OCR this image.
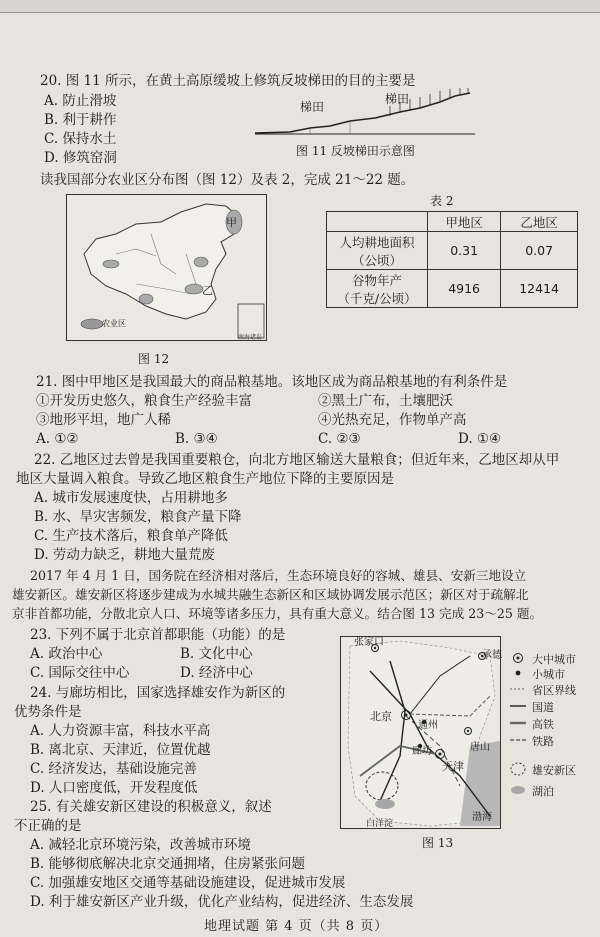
20. 图 11 所示，在黄土高原缓坡上修筑反坡梯田的目的主要是
A. 防止滑坡
B. 利于耕作
C. 保持水土
D. 修筑窑洞
梯田
梯田
图 11 反坡梯田示意图
读我国部分农业区分布图（图 12）及表 2，完成 21～22 题。
甲
乙
农业区
南海诸岛
图 12
表 2
	甲地区	乙地区

人均耕地面积
（公顷）	0.31	0.07

谷物年产
（千克/公顷）	4916	12414
21. 图中甲地区是我国最大的商品粮基地。该地区成为商品粮基地的有利条件是
①开发历史悠久，粮食生产经验丰富	②黑土广布，土壤肥沃
③地形平坦，地广人稀	④光热充足，作物单产高
A. ①②	B. ③④	C. ②③	D. ①④
22. 乙地区过去曾是我国重要粮仓，向北方地区输送大量粮食；但近年来，乙地区却从甲
地区大量调入粮食。导致乙地区粮食生产地位下降的主要原因是
A. 城市发展速度快，占用耕地多
B. 水、旱灾害频发，粮食产量下降
C. 生产技术落后，粮食单产降低
D. 劳动力缺乏，耕地大量荒废
2017 年 4 月 1 日，国务院在经济相对落后，生态环境良好的容城、雄县、安新三地设立
雄安新区。雄安新区将逐步建成为水城共融生态新区和区域协调发展示范区；新区对于疏解北
京非首都功能，分散北京人口、环境等诸多压力，具有重大意义。结合图 13 完成 23～25 题。
23. 下列不属于北京首都职能（功能）的是
A. 政治中心	B. 文化中心
C. 国际交往中心	D. 经济中心
24. 与廊坊相比，国家选择雄安作为新区的
优势条件是
A. 人力资源丰富，科技水平高
B. 离北京、天津近，位置优越
C. 经济发达，基础设施完善
D. 人口密度低，开发程度低
25. 有关雄安新区建设的积极意义，叙述
不正确的是
A. 减轻北京环境污染，改善城市环境
B. 能够彻底解决北京交通拥堵，住房紧张问题
C. 加强雄安地区交通等基础设施建设，促进城市发展
D. 利于雄安新区产业升级，优化产业结构，促进经济、生态发展
张家口
承德
北京
通州
廊坊
天津
唐山
白洋淀
渤海
大中城市
小城市
省区界线
国道
高铁
铁路
雄安新区
湖泊
图 13
地理试题 第 4 页（共 8 页）
